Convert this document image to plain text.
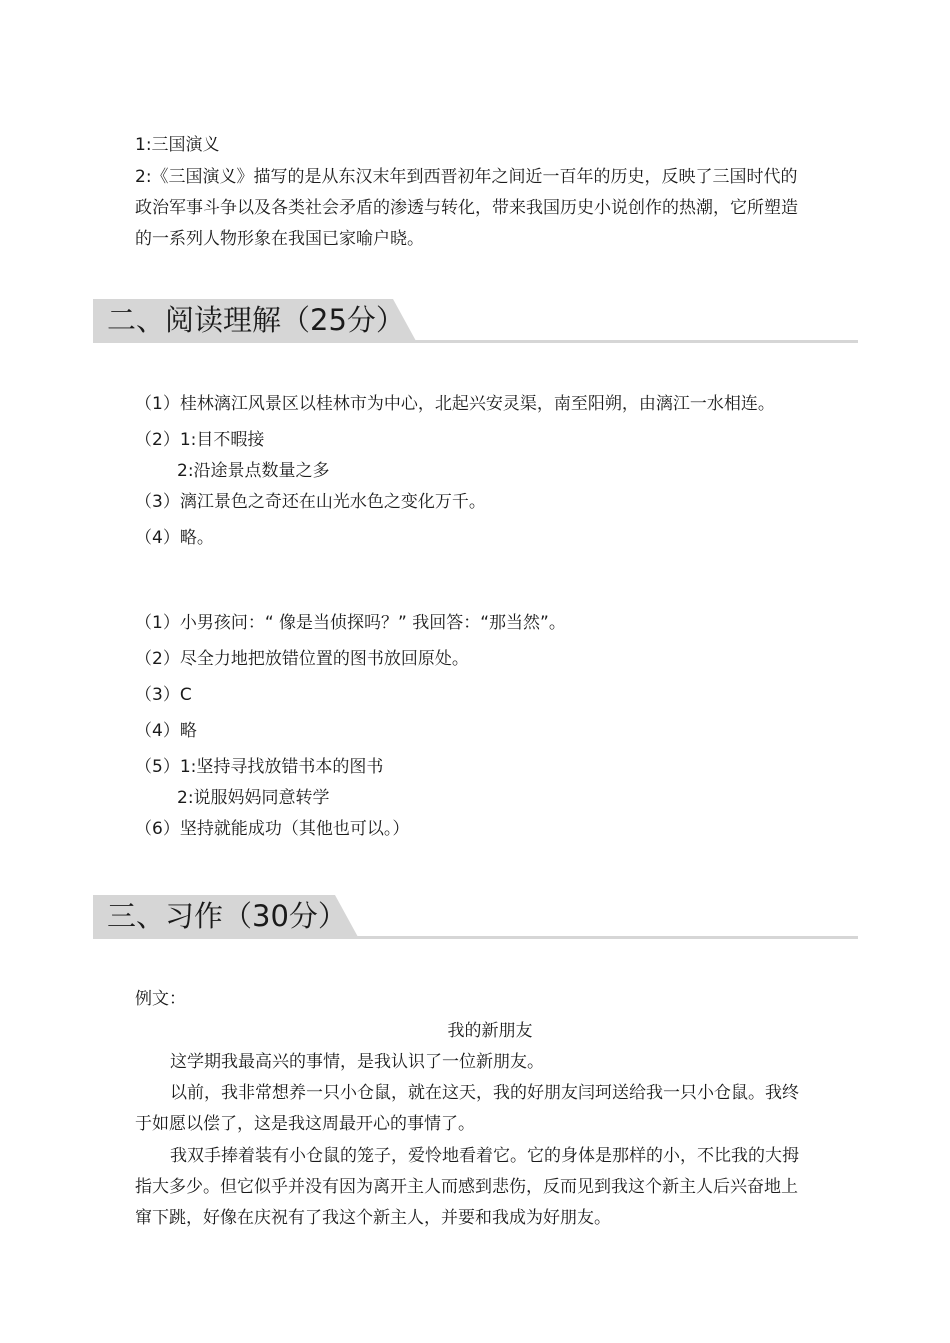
1:三国演义
2:《三国演义》描写的是从东汉末年到西晋初年之间近一百年的历史，反映了三国时代的
政治军事斗争以及各类社会矛盾的渗透与转化，带来我国历史小说创作的热潮，它所塑造
的一系列人物形象在我国已家喻户晓。
二、阅读理解（25分）
（1）桂林漓江风景区以桂林市为中心，北起兴安灵渠，南至阳朔，由漓江一水相连。
（2）1:目不暇接
2:沿途景点数量之多
（3）漓江景色之奇还在山光水色之变化万千。
（4）略。
（1）小男孩问：“ 像是当侦探吗？” 我回答：“那当然”。
（2）尽全力地把放错位置的图书放回原处。
（3）C
（4）略
（5）1:坚持寻找放错书本的图书
2:说服妈妈同意转学
（6）坚持就能成功（其他也可以。）
三、习作（30分）
例文：
我的新朋友
这学期我最高兴的事情，是我认识了一位新朋友。
以前，我非常想养一只小仓鼠，就在这天，我的好朋友闫珂送给我一只小仓鼠。我终
于如愿以偿了，这是我这周最开心的事情了。
我双手捧着装有小仓鼠的笼子，爱怜地看着它。它的身体是那样的小，不比我的大拇
指大多少。但它似乎并没有因为离开主人而感到悲伤，反而见到我这个新主人后兴奋地上
窜下跳，好像在庆祝有了我这个新主人，并要和我成为好朋友。
